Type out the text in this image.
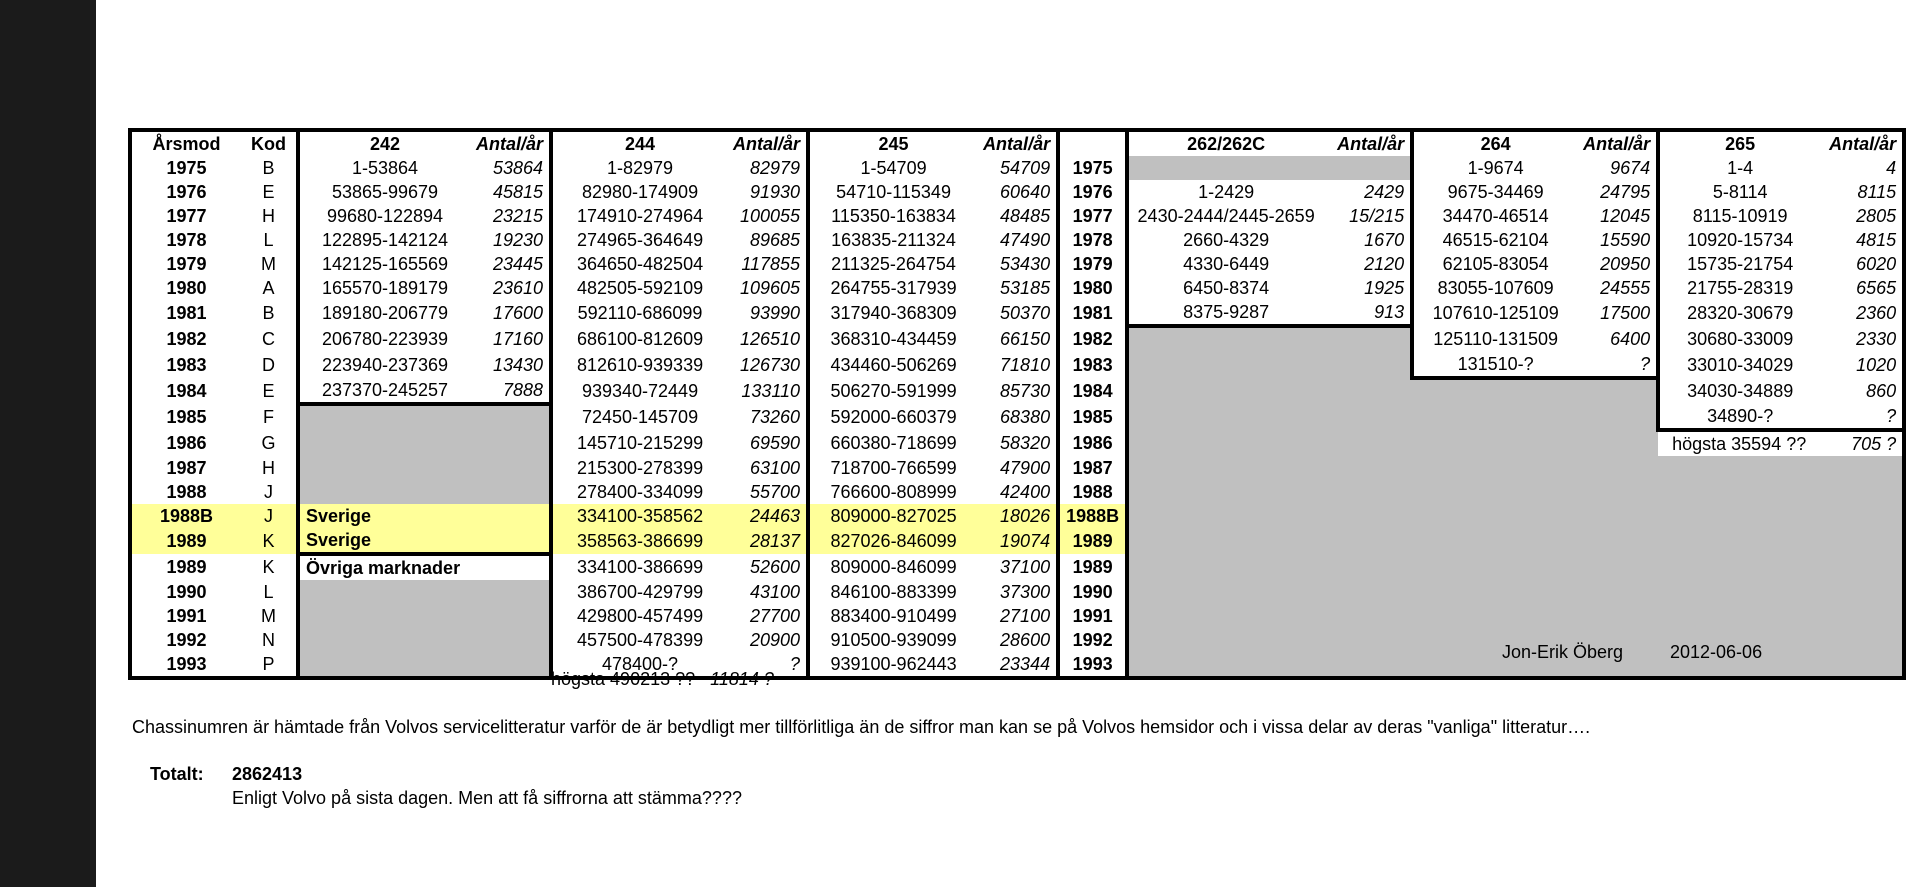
Årsmod	Kod	242	Antal/år	244	Antal/år	245	Antal/år		262/262C	Antal/år	264	Antal/år	265	Antal/år
1975	B	1-53864	53864	1-82979	82979	1-54709	54709	1975			1-9674	9674	1-4	4
1976	E	53865-99679	45815	82980-174909	91930	54710-115349	60640	1976	1-2429	2429	9675-34469	24795	5-8114	8115
1977	H	99680-122894	23215	174910-274964	100055	115350-163834	48485	1977	2430-2444/2445-2659	15/215	34470-46514	12045	8115-10919	2805
1978	L	122895-142124	19230	274965-364649	89685	163835-211324	47490	1978	2660-4329	1670	46515-62104	15590	10920-15734	4815
1979	M	142125-165569	23445	364650-482504	117855	211325-264754	53430	1979	4330-6449	2120	62105-83054	20950	15735-21754	6020
1980	A	165570-189179	23610	482505-592109	109605	264755-317939	53185	1980	6450-8374	1925	83055-107609	24555	21755-28319	6565
1981	B	189180-206779	17600	592110-686099	93990	317940-368309	50370	1981	8375-9287	913	107610-125109	17500	28320-30679	2360
1982	C	206780-223939	17160	686100-812609	126510	368310-434459	66150	1982			125110-131509	6400	30680-33009	2330
1983	D	223940-237369	13430	812610-939339	126730	434460-506269	71810	1983			131510-?	?	33010-34029	1020
1984	E	237370-245257	7888	939340-72449	133110	506270-591999	85730	1984					34030-34889	860
1985	F			72450-145709	73260	592000-660379	68380	1985					34890-?	?
1986	G			145710-215299	69590	660380-718699	58320	1986					högsta 35594 ??	705 ?
1987	H			215300-278399	63100	718700-766599	47900	1987						
1988	J			278400-334099	55700	766600-808999	42400	1988						
1988B	J	Sverige		334100-358562	24463	809000-827025	18026	1988B						
1989	K	Sverige		358563-386699	28137	827026-846099	19074	1989						
1989	K	Övriga marknader		334100-386699	52600	809000-846099	37100	1989						
1990	L			386700-429799	43100	846100-883399	37300	1990						
1991	M			429800-457499	27700	883400-910499	27100	1991						
1992	N			457500-478399	20900	910500-939099	28600	1992						
1993	P			478400-?	?	939100-962443	23344	1993						
högsta 490213 ?? 11814 ?
Jon-Erik Öberg	2012-06-06
Chassinumren är hämtade från Volvos servicelitteratur varför de är betydligt mer tillförlitliga än de siffror man kan se på Volvos hemsidor och i vissa delar av deras "vanliga" litteratur….
Totalt: 2862413
Enligt Volvo på sista dagen. Men att få siffrorna att stämma????
